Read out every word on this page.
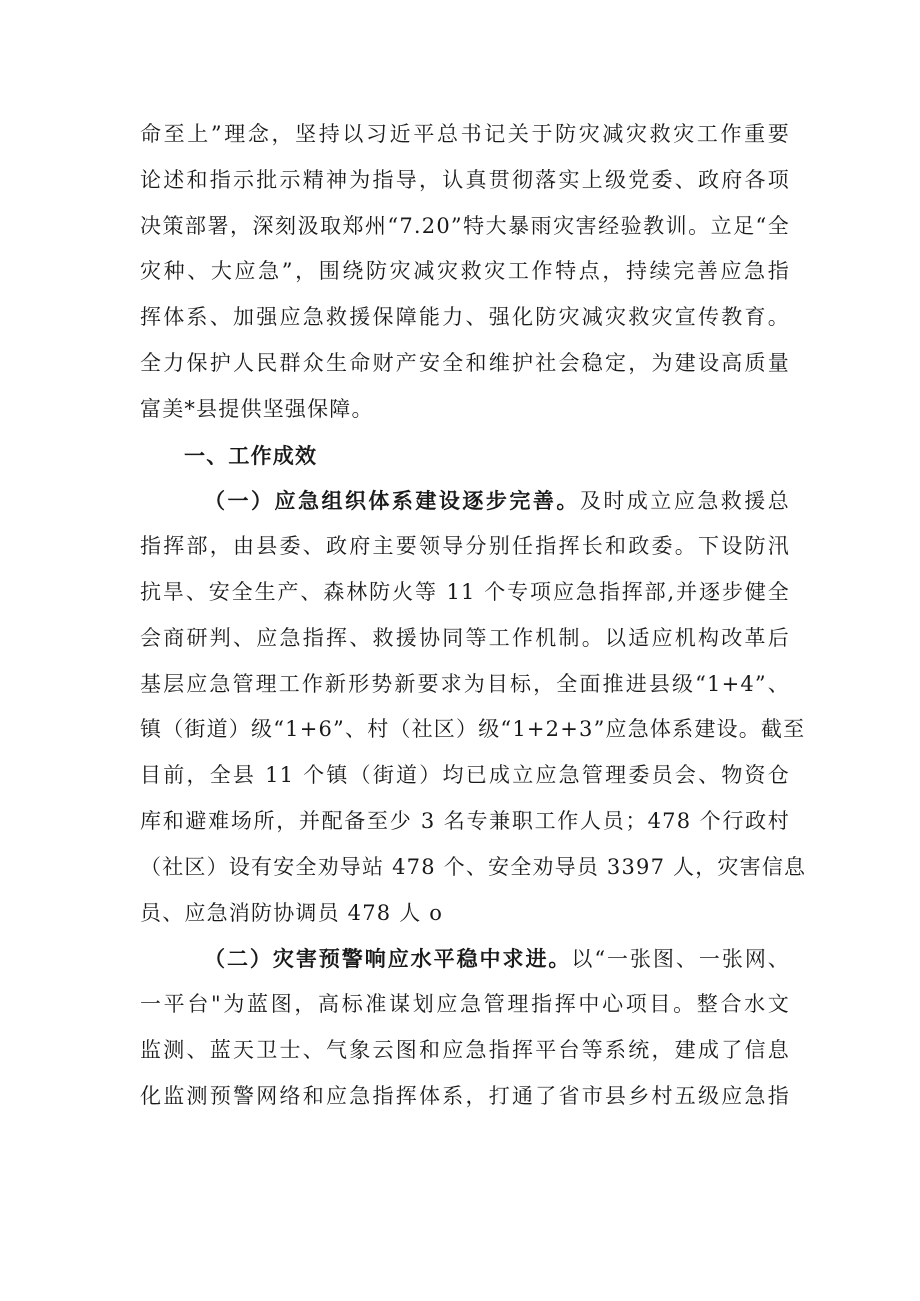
命至上”理念，坚持以习近平总书记关于防灾减灾救灾工作重要
论述和指示批示精神为指导，认真贯彻落实上级党委、政府各项
决策部署，深刻汲取郑州“7.20”特大暴雨灾害经验教训。立足“全
灾种、大应急”，围绕防灾减灾救灾工作特点，持续完善应急指
挥体系、加强应急救援保障能力、强化防灾减灾救灾宣传教育。
全力保护人民群众生命财产安全和维护社会稳定，为建设高质量
富美*县提供坚强保障。
一、工作成效
（一）应急组织体系建设逐步完善。及时成立应急救援总
指挥部，由县委、政府主要领导分别任指挥长和政委。下设防汛
抗旱、安全生产、森林防火等 11 个专项应急指挥部,并逐步健全
会商研判、应急指挥、救援协同等工作机制。以适应机构改革后
基层应急管理工作新形势新要求为目标，全面推进县级“1+4”、
镇（街道）级“1+6”、村（社区）级“1+2+3”应急体系建设。截至
目前，全县 11 个镇（街道）均已成立应急管理委员会、物资仓
库和避难场所，并配备至少 3 名专兼职工作人员；478 个行政村
（社区）设有安全劝导站 478 个、安全劝导员 3397 人，灾害信息
员、应急消防协调员 478 人 o
（二）灾害预警响应水平稳中求进。以“一张图、一张网、
一平台"为蓝图，高标准谋划应急管理指挥中心项目。整合水文
监测、蓝天卫士、气象云图和应急指挥平台等系统，建成了信息
化监测预警网络和应急指挥体系，打通了省市县乡村五级应急指
